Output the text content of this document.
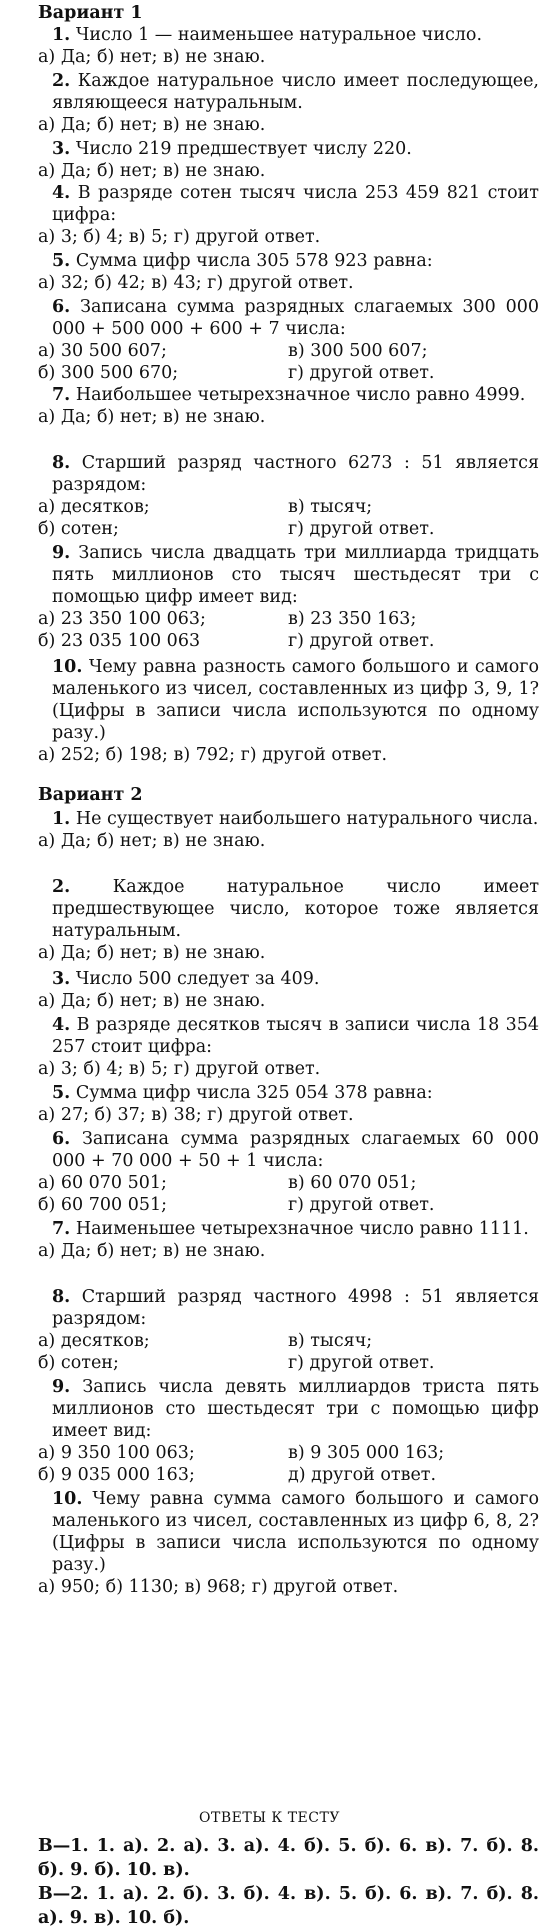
Вариант 1

1. Число 1 — наименьшее натуральное число.

а) Да; б) нет; в) не знаю.

2. Каждое натуральное число имеет последующее, являющееся натуральным.

а) Да; б) нет; в) не знаю.

3. Число 219 предшествует числу 220.

а) Да; б) нет; в) не знаю.

4. В разряде сотен тысяч числа 253 459 821 стоит цифра:

а) 3; б) 4; в) 5; г) другой ответ.

5. Сумма цифр числа 305 578 923 равна:

а) 32; б) 42; в) 43; г) другой ответ.

6. Записана сумма разрядных слагаемых 300 000 000 + 500 000 + 600 + 7 числа:

а) 30 500 607;	в) 300 500 607;
б) 300 500 670;	г) другой ответ.

7. Наибольшее четырехзначное число равно 4999.

а) Да; б) нет; в) не знаю.

8. Старший разряд частного 6273 : 51 является разрядом:

а) десятков;	в) тысяч;
б) сотен;	г) другой ответ.

9. Запись числа двадцать три миллиарда тридцать пять миллионов сто тысяч шестьдесят три с помощью цифр имеет вид:

а) 23 350 100 063;	в) 23 350 163;
б) 23 035 100 063	г) другой ответ.

10. Чему равна разность самого большого и самого маленького из чисел, составленных из цифр 3, 9, 1? (Цифры в записи числа используются по одному разу.)

а) 252; б) 198; в) 792; г) другой ответ.

Вариант 2

1. Не существует наибольшего натурального числа.

а) Да; б) нет; в) не знаю.

2. Каждое натуральное число имеет предшествующее число, которое тоже является натуральным.

а) Да; б) нет; в) не знаю.

3. Число 500 следует за 409.

а) Да; б) нет; в) не знаю.

4. В разряде десятков тысяч в записи числа 18 354 257 стоит цифра:

а) 3; б) 4; в) 5; г) другой ответ.

5. Сумма цифр числа 325 054 378 равна:

а) 27; б) 37; в) 38; г) другой ответ.

6. Записана сумма разрядных слагаемых 60 000 000 + 70 000 + 50 + 1 числа:

а) 60 070 501;	в) 60 070 051;
б) 60 700 051;	г) другой ответ.

7. Наименьшее четырехзначное число равно 1111.

а) Да; б) нет; в) не знаю.

8. Старший разряд частного 4998 : 51 является разрядом:

а) десятков;	в) тысяч;
б) сотен;	г) другой ответ.

9. Запись числа девять миллиардов триста пять миллионов сто шестьдесят три с помощью цифр имеет вид:

а) 9 350 100 063;	в) 9 305 000 163;
б) 9 035 000 163;	д) другой ответ.

10. Чему равна сумма самого большого и самого маленького из чисел, составленных из цифр 6, 8, 2? (Цифры в записи числа используются по одному разу.)

а) 950; б) 1130; в) 968; г) другой ответ.

ОТВЕТЫ К ТЕСТУ
В—1. 1. а). 2. а). 3. а). 4. б). 5. б). 6. в). 7. б). 8. б). 9. б). 10. в).
В—2. 1. а). 2. б). 3. б). 4. в). 5. б). 6. в). 7. б). 8. а). 9. в). 10. б).
